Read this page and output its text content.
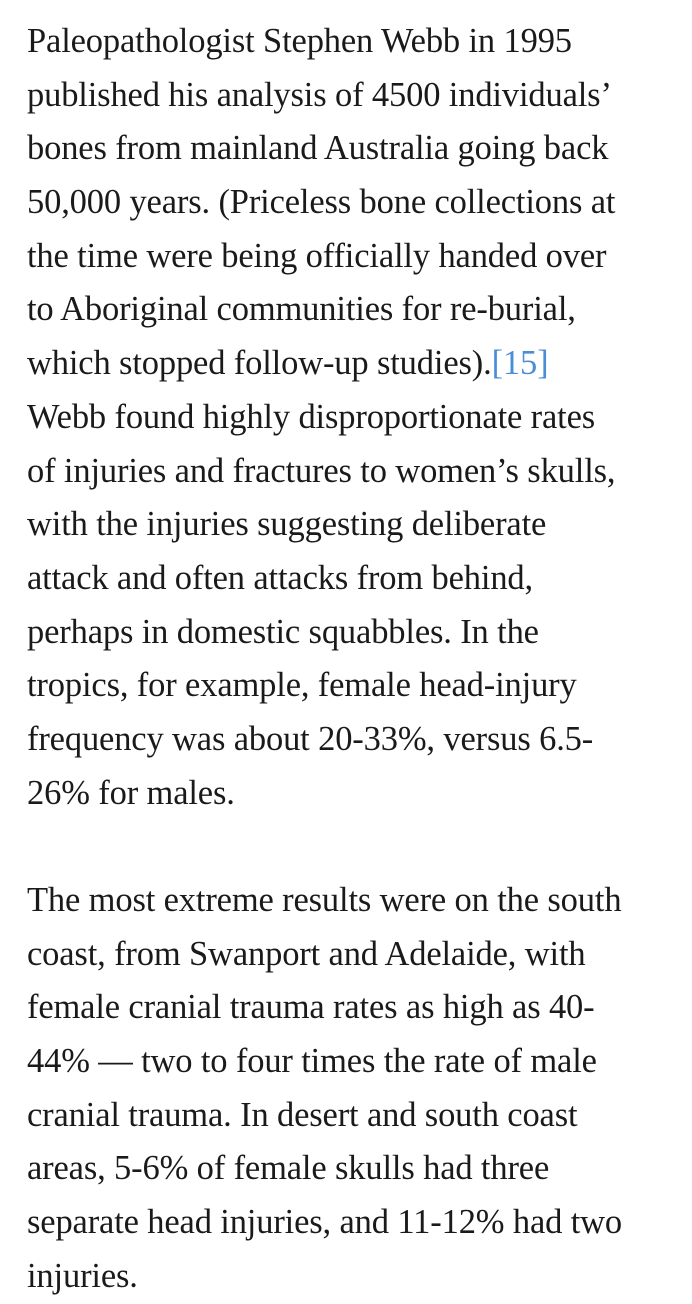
Paleopathologist Stephen Webb in 1995
published his analysis of 4500 individuals’
bones from mainland Australia going back
50,000 years. (Priceless bone collections at
the time were being officially handed over
to Aboriginal communities for re-burial,
which stopped follow-up studies).[15]
Webb found highly disproportionate rates
of injuries and fractures to women’s skulls,
with the injuries suggesting deliberate
attack and often attacks from behind,
perhaps in domestic squabbles. In the
tropics, for example, female head-injury
frequency was about 20-33%, versus 6.5-
26% for males.

The most extreme results were on the south
coast, from Swanport and Adelaide, with
female cranial trauma rates as high as 40-
44% — two to four times the rate of male
cranial trauma. In desert and south coast
areas, 5-6% of female skulls had three
separate head injuries, and 11-12% had two
injuries.
